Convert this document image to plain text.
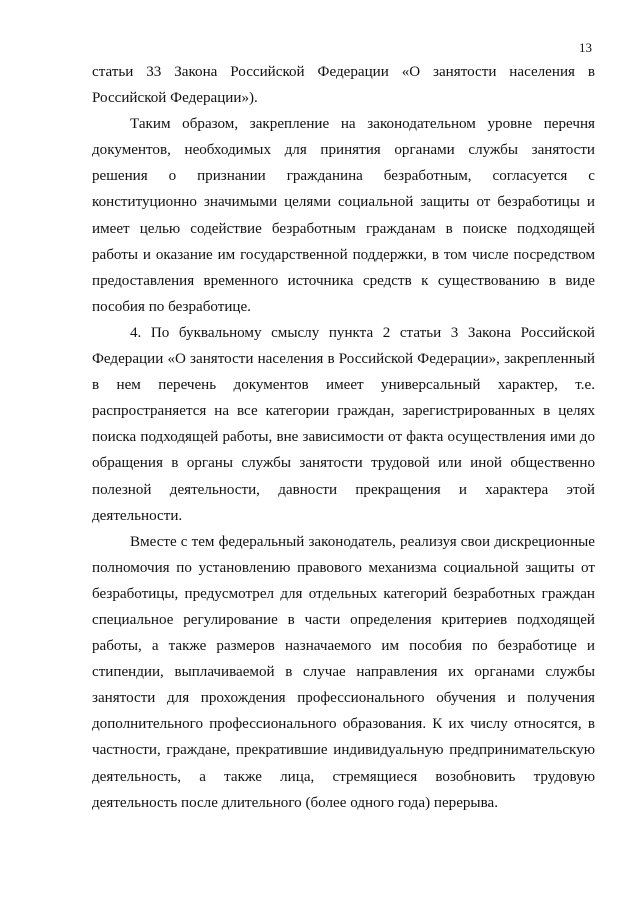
13
статьи 33 Закона Российской Федерации «О занятости населения в
Российской Федерации»).
Таким образом, закрепление на законодательном уровне перечня
документов, необходимых для принятия органами службы занятости
решения о признании гражданина безработным, согласуется с
конституционно значимыми целями социальной защиты от безработицы и
имеет целью содействие безработным гражданам в поиске подходящей
работы и оказание им государственной поддержки, в том числе посредством
предоставления временного источника средств к существованию в виде
пособия по безработице.
4. По буквальному смыслу пункта 2 статьи 3 Закона Российской
Федерации «О занятости населения в Российской Федерации», закрепленный
в нем перечень документов имеет универсальный характер, т.е.
распространяется на все категории граждан, зарегистрированных в целях
поиска подходящей работы, вне зависимости от факта осуществления ими до
обращения в органы службы занятости трудовой или иной общественно
полезной деятельности, давности прекращения и характера этой
деятельности.
Вместе с тем федеральный законодатель, реализуя свои дискреционные
полномочия по установлению правового механизма социальной защиты от
безработицы, предусмотрел для отдельных категорий безработных граждан
специальное регулирование в части определения критериев подходящей
работы, а также размеров назначаемого им пособия по безработице и
стипендии, выплачиваемой в случае направления их органами службы
занятости для прохождения профессионального обучения и получения
дополнительного профессионального образования. К их числу относятся, в
частности, граждане, прекратившие индивидуальную предпринимательскую
деятельность, а также лица, стремящиеся возобновить трудовую
деятельность после длительного (более одного года) перерыва.
